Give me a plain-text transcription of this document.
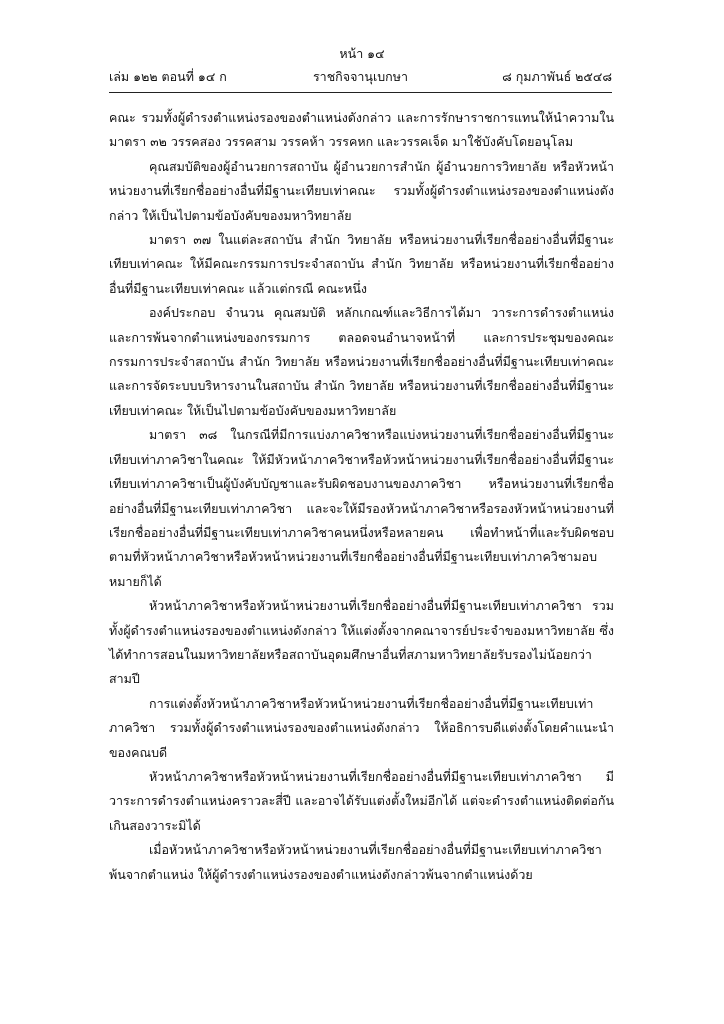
หน้า ๑๔
เล่ม ๑๒๒ ตอนที่ ๑๔ ก	ราชกิจจานุเบกษา	๘ กุมภาพันธ์ ๒๕๔๘

คณะ รวมทั้งผู้ดำรงตำแหน่งรองของตำแหน่งดังกล่าว และการรักษาราชการแทนให้นำความในมาตรา ๓๒ วรรคสอง วรรคสาม วรรคห้า วรรคหก และวรรคเจ็ด มาใช้บังคับโดยอนุโลม

คุณสมบัติของผู้อำนวยการสถาบัน ผู้อำนวยการสำนัก ผู้อำนวยการวิทยาลัย หรือหัวหน้าหน่วยงานที่เรียกชื่ออย่างอื่นที่มีฐานะเทียบเท่าคณะ รวมทั้งผู้ดำรงตำแหน่งรองของตำแหน่งดังกล่าว ให้เป็นไปตามข้อบังคับของมหาวิทยาลัย

มาตรา ๓๗ ในแต่ละสถาบัน สำนัก วิทยาลัย หรือหน่วยงานที่เรียกชื่ออย่างอื่นที่มีฐานะเทียบเท่าคณะ ให้มีคณะกรรมการประจำสถาบัน สำนัก วิทยาลัย หรือหน่วยงานที่เรียกชื่ออย่างอื่นที่มีฐานะเทียบเท่าคณะ แล้วแต่กรณี คณะหนึ่ง

องค์ประกอบ จำนวน คุณสมบัติ หลักเกณฑ์และวิธีการได้มา วาระการดำรงตำแหน่ง และการพ้นจากตำแหน่งของกรรมการ ตลอดจนอำนาจหน้าที่ และการประชุมของคณะกรรมการประจำสถาบัน สำนัก วิทยาลัย หรือหน่วยงานที่เรียกชื่ออย่างอื่นที่มีฐานะเทียบเท่าคณะ และการจัดระบบบริหารงานในสถาบัน สำนัก วิทยาลัย หรือหน่วยงานที่เรียกชื่ออย่างอื่นที่มีฐานะเทียบเท่าคณะ ให้เป็นไปตามข้อบังคับของมหาวิทยาลัย

มาตรา ๓๘ ในกรณีที่มีการแบ่งภาควิชาหรือแบ่งหน่วยงานที่เรียกชื่ออย่างอื่นที่มีฐานะเทียบเท่าภาควิชาในคณะ ให้มีหัวหน้าภาควิชาหรือหัวหน้าหน่วยงานที่เรียกชื่ออย่างอื่นที่มีฐานะเทียบเท่าภาควิชาเป็นผู้บังคับบัญชาและรับผิดชอบงานของภาควิชา หรือหน่วยงานที่เรียกชื่ออย่างอื่นที่มีฐานะเทียบเท่าภาควิชา และจะให้มีรองหัวหน้าภาควิชาหรือรองหัวหน้าหน่วยงานที่เรียกชื่ออย่างอื่นที่มีฐานะเทียบเท่าภาควิชาคนหนึ่งหรือหลายคน เพื่อทำหน้าที่และรับผิดชอบตามที่หัวหน้าภาควิชาหรือหัวหน้าหน่วยงานที่เรียกชื่ออย่างอื่นที่มีฐานะเทียบเท่าภาควิชามอบหมายก็ได้

หัวหน้าภาควิชาหรือหัวหน้าหน่วยงานที่เรียกชื่ออย่างอื่นที่มีฐานะเทียบเท่าภาควิชา รวมทั้งผู้ดำรงตำแหน่งรองของตำแหน่งดังกล่าว ให้แต่งตั้งจากคณาจารย์ประจำของมหาวิทยาลัย ซึ่งได้ทำการสอนในมหาวิทยาลัยหรือสถาบันอุดมศึกษาอื่นที่สภามหาวิทยาลัยรับรองไม่น้อยกว่าสามปี

การแต่งตั้งหัวหน้าภาควิชาหรือหัวหน้าหน่วยงานที่เรียกชื่ออย่างอื่นที่มีฐานะเทียบเท่าภาควิชา รวมทั้งผู้ดำรงตำแหน่งรองของตำแหน่งดังกล่าว ให้อธิการบดีแต่งตั้งโดยคำแนะนำของคณบดี

หัวหน้าภาควิชาหรือหัวหน้าหน่วยงานที่เรียกชื่ออย่างอื่นที่มีฐานะเทียบเท่าภาควิชา มีวาระการดำรงตำแหน่งคราวละสี่ปี และอาจได้รับแต่งตั้งใหม่อีกได้ แต่จะดำรงตำแหน่งติดต่อกันเกินสองวาระมิได้

เมื่อหัวหน้าภาควิชาหรือหัวหน้าหน่วยงานที่เรียกชื่ออย่างอื่นที่มีฐานะเทียบเท่าภาควิชาพ้นจากตำแหน่ง ให้ผู้ดำรงตำแหน่งรองของตำแหน่งดังกล่าวพ้นจากตำแหน่งด้วย
